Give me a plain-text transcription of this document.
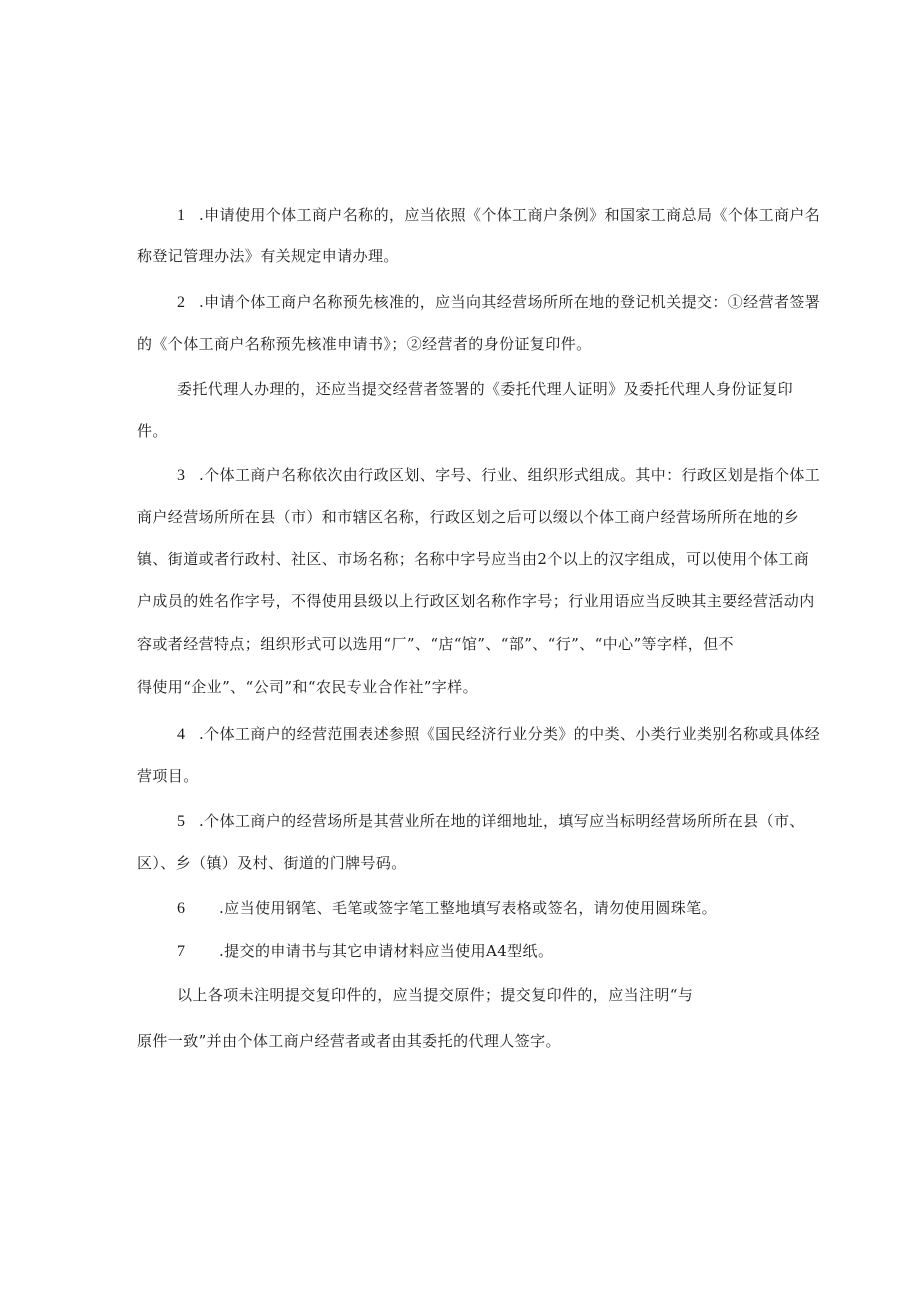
1 .申请使用个体工商户名称的，应当依照《个体工商户条例》和国家工商总局《个体工商户名
称登记管理办法》有关规定申请办理。
2 .申请个体工商户名称预先核准的，应当向其经营场所所在地的登记机关提交：①经营者签署
的《个体工商户名称预先核准申请书》；②经营者的身份证复印件。
委托代理人办理的，还应当提交经营者签署的《委托代理人证明》及委托代理人身份证复印
件。
3 .个体工商户名称依次由行政区划、字号、行业、组织形式组成。其中：行政区划是指个体工
商户经营场所所在县（市）和市辖区名称，行政区划之后可以缀以个体工商户经营场所所在地的乡
镇、街道或者行政村、社区、市场名称；名称中字号应当由2个以上的汉字组成，可以使用个体工商
户成员的姓名作字号，不得使用县级以上行政区划名称作字号；行业用语应当反映其主要经营活动内
容或者经营特点；组织形式可以选用“厂”、“店“馆”、“部”、“行”、“中心”等字样，但不
得使用“企业”、“公司”和“农民专业合作社”字样。
4 .个体工商户的经营范围表述参照《国民经济行业分类》的中类、小类行业类别名称或具体经
营项目。
5 .个体工商户的经营场所是其营业所在地的详细地址，填写应当标明经营场所所在县（市、
区）、乡（镇）及村、街道的门牌号码。
6 .应当使用钢笔、毛笔或签字笔工整地填写表格或签名，请勿使用圆珠笔。
7 .提交的申请书与其它申请材料应当使用A4型纸。
以上各项未注明提交复印件的，应当提交原件；提交复印件的，应当注明“与
原件一致”并由个体工商户经营者或者由其委托的代理人签字。
